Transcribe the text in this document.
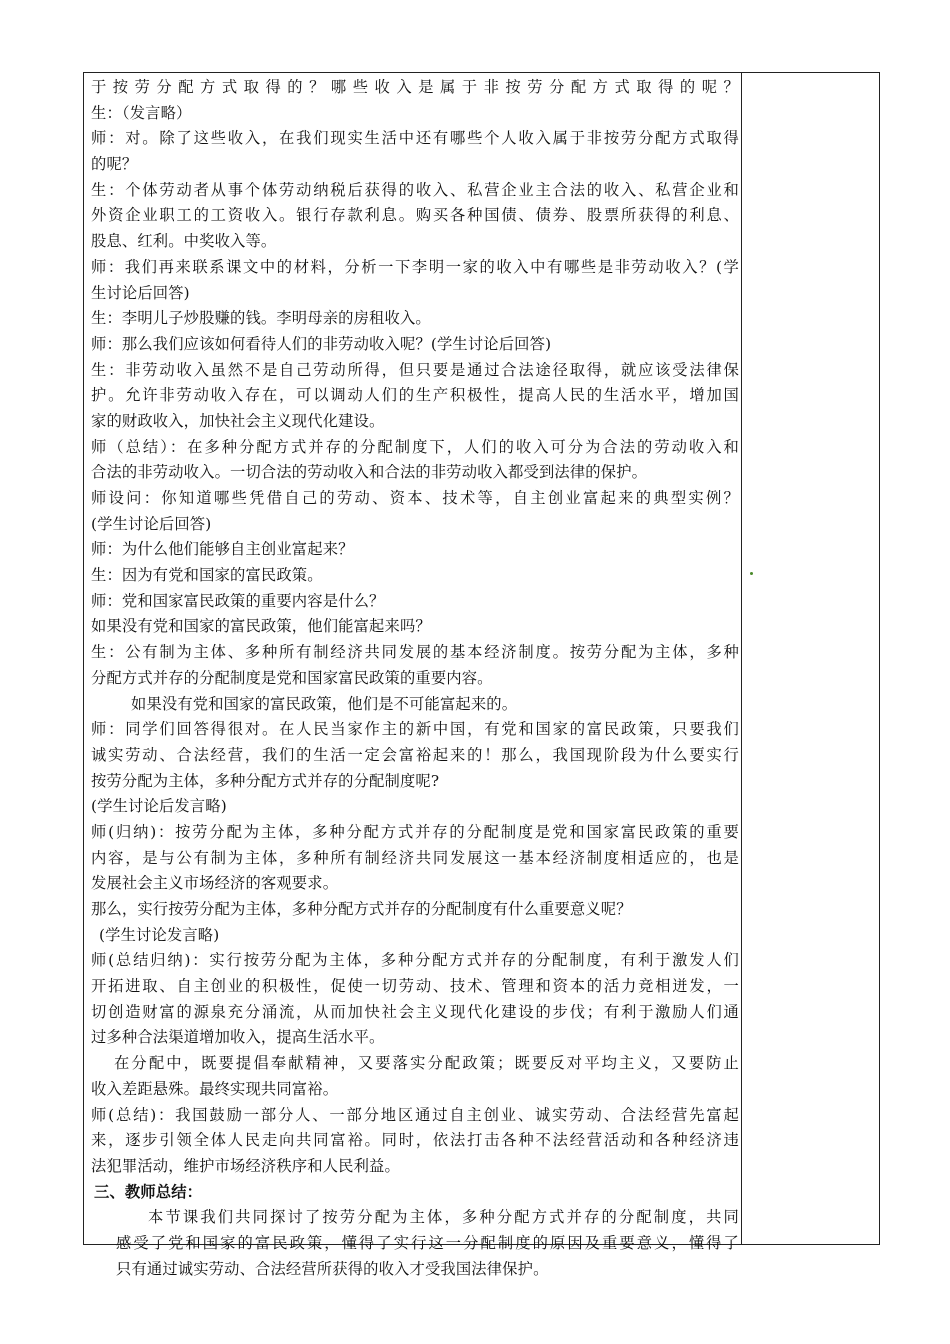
于按劳分配方式取得的？哪些收入是属于非按劳分配方式取得的呢？
生：（发言略）
师：对。除了这些收入，在我们现实生活中还有哪些个人收入属于非按劳分配方式取得
的呢？
生：个体劳动者从事个体劳动纳税后获得的收入、私营企业主合法的收入、私营企业和
外资企业职工的工资收入。银行存款利息。购买各种国债、债券、股票所获得的利息、
股息、红利。中奖收入等。
师：我们再来联系课文中的材料，分析一下李明一家的收入中有哪些是非劳动收入？(学
生讨论后回答)
生：李明儿子炒股赚的钱。李明母亲的房租收入。
师：那么我们应该如何看待人们的非劳动收入呢？(学生讨论后回答)
生：非劳动收入虽然不是自己劳动所得，但只要是通过合法途径取得，就应该受法律保
护。允许非劳动收入存在，可以调动人们的生产积极性，提高人民的生活水平，增加国
家的财政收入，加快社会主义现代化建设。
师（总结）：在多种分配方式并存的分配制度下，人们的收入可分为合法的劳动收入和
合法的非劳动收入。一切合法的劳动收入和合法的非劳动收入都受到法律的保护。
师设问：你知道哪些凭借自己的劳动、资本、技术等，自主创业富起来的典型实例？
(学生讨论后回答)
师：为什么他们能够自主创业富起来？
生：因为有党和国家的富民政策。
师：党和国家富民政策的重要内容是什么？
如果没有党和国家的富民政策，他们能富起来吗？
生：公有制为主体、多种所有制经济共同发展的基本经济制度。按劳分配为主体，多种
分配方式并存的分配制度是党和国家富民政策的重要内容。
如果没有党和国家的富民政策，他们是不可能富起来的。
师：同学们回答得很对。在人民当家作主的新中国，有党和国家的富民政策，只要我们
诚实劳动、合法经营，我们的生活一定会富裕起来的！那么，我国现阶段为什么要实行
按劳分配为主体，多种分配方式并存的分配制度呢?
(学生讨论后发言略)
师(归纳)：按劳分配为主体，多种分配方式并存的分配制度是党和国家富民政策的重要
内容，是与公有制为主体，多种所有制经济共同发展这一基本经济制度相适应的，也是
发展社会主义市场经济的客观要求。
那么，实行按劳分配为主体，多种分配方式并存的分配制度有什么重要意义呢？
(学生讨论发言略)
师(总结归纳)：实行按劳分配为主体，多种分配方式并存的分配制度，有利于激发人们
开拓进取、自主创业的积极性，促使一切劳动、技术、管理和资本的活力竞相迸发，一
切创造财富的源泉充分涌流，从而加快社会主义现代化建设的步伐；有利于激励人们通
过多种合法渠道增加收入，提高生活水平。
在分配中，既要提倡奉献精神，又要落实分配政策；既要反对平均主义，又要防止
收入差距悬殊。最终实现共同富裕。
师(总结)：我国鼓励一部分人、一部分地区通过自主创业、诚实劳动、合法经营先富起
来，逐步引领全体人民走向共同富裕。同时，依法打击各种不法经营活动和各种经济违
法犯罪活动，维护市场经济秩序和人民利益。
三、教师总结：
本节课我们共同探讨了按劳分配为主体，多种分配方式并存的分配制度，共同
感受了党和国家的富民政策，懂得了实行这一分配制度的原因及重要意义，懂得了
只有通过诚实劳动、合法经营所获得的收入才受我国法律保护。
